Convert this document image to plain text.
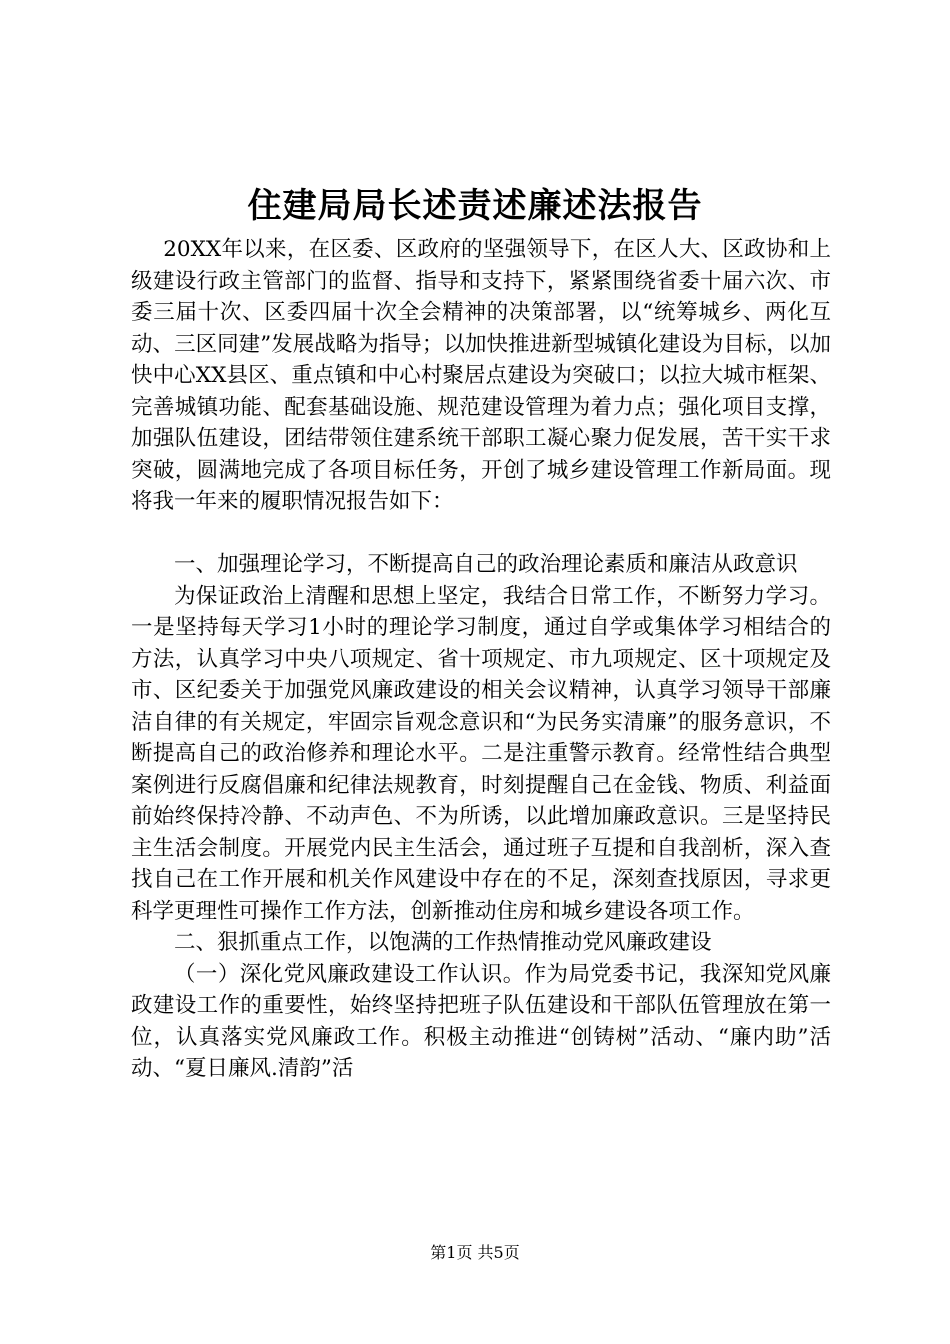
住建局局长述责述廉述法报告

20XX年以来，在区委、区政府的坚强领导下，在区人大、区政协和上级建设行政主管部门的监督、指导和支持下，紧紧围绕省委十届六次、市委三届十次、区委四届十次全会精神的决策部署，以“统筹城乡、两化互动、三区同建”发展战略为指导；以加快推进新型城镇化建设为目标，以加快中心XX县区、重点镇和中心村聚居点建设为突破口；以拉大城市框架、完善城镇功能、配套基础设施、规范建设管理为着力点；强化项目支撑，加强队伍建设，团结带领住建系统干部职工凝心聚力促发展，苦干实干求突破，圆满地完成了各项目标任务，开创了城乡建设管理工作新局面。现将我一年来的履职情况报告如下：

一、加强理论学习，不断提高自己的政治理论素质和廉洁从政意识

为保证政治上清醒和思想上坚定，我结合日常工作，不断努力学习。一是坚持每天学习1小时的理论学习制度，通过自学或集体学习相结合的方法，认真学习中央八项规定、省十项规定、市九项规定、区十项规定及市、区纪委关于加强党风廉政建设的相关会议精神，认真学习领导干部廉洁自律的有关规定，牢固宗旨观念意识和“为民务实清廉”的服务意识，不断提高自己的政治修养和理论水平。二是注重警示教育。经常性结合典型案例进行反腐倡廉和纪律法规教育，时刻提醒自己在金钱、物质、利益面前始终保持冷静、不动声色、不为所诱，以此增加廉政意识。三是坚持民主生活会制度。开展党内民主生活会，通过班子互提和自我剖析，深入查找自己在工作开展和机关作风建设中存在的不足，深刻查找原因，寻求更科学更理性可操作工作方法，创新推动住房和城乡建设各项工作。

二、狠抓重点工作，以饱满的工作热情推动党风廉政建设

（一）深化党风廉政建设工作认识。作为局党委书记，我深知党风廉政建设工作的重要性，始终坚持把班子队伍建设和干部队伍管理放在第一位，认真落实党风廉政工作。积极主动推进“创铸树”活动、“廉内助”活动、“夏日廉风.清韵”活

第1页 共5页
